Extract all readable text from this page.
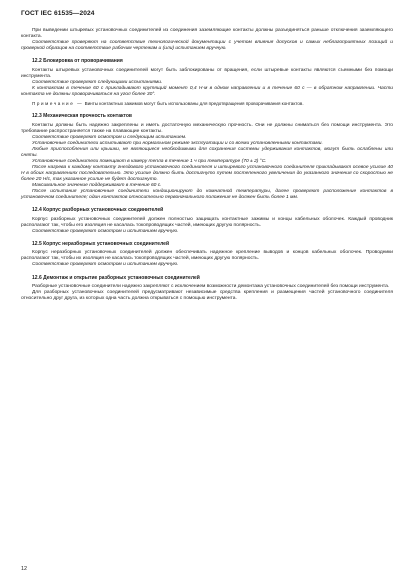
ГОСТ IEC 61535—2024

При выведении штыревых установочных соединителей из соединения заземляющие контакты должны разъединяться раньше отключения заземляющего контакта.

Соответствие проверяют на соответствие технологической документации с учетом влияния допусков и самых неблагоприятных позиций и проверкой образцов на соответствие рабочим чертежам и (или) испытанием вручную.

12.2 Блокировка от проворачивания

Контакты штыревых установочных соединителей могут быть заблокированы от вращения, если штыревые контакты являются съемными без помощи инструмента.

Соответствие проверяют следующими испытаниями.

К контактам в течение 60 с прикладывают крутящий момент 0,4 Н·м в одном направлении и в течение 60 с — в обратном направлении. Части контакта не должны проворачиваться на угол более 30°.

Примечание — Винты контактных зажимов могут быть использованы для предотвращения проворачивания контактов.

12.3 Механическая прочность контактов

Контакты должны быть надежно закреплены и иметь достаточную механическую прочность. Они не должны сниматься без помощи инструмента. Это требование распространяется также на плавающие контакты.

Соответствие проверяют осмотром и следующим испытанием.

Установочные соединители испытывают при нормальном режиме эксплуатации и со всеми установленными контактами.

Любые приспособления или крышки, не являющиеся необходимыми для сохранения системы удерживания контактов, могут быть ослаблены или сняты.

Установочные соединители помещают в камеру тепла в течение 1 ч при температуре (70 ± 2) °С.

После нагрева к каждому контакту гнездового установочного соединителя и штыревого установочного соединителя прикладывают осевое усилие 40 Н в обоих направлениях последовательно. Это усилие должно быть достигнуто путем постепенного увеличения до указанного значения со скоростью не более 20 Н/с, так указанное усилие не будет достигнуто.

Максимальное значение поддерживают в течение 60 с.

После испытания установочные соединители кондиционируют до комнатной температуры, далее проверяют расположение контактов в установочном соединителе; один контактов относительно первоначального положения не должен быть более 1 мм.

12.4 Корпус разборных установочных соединителей

Корпус разборных установочных соединителей должен полностью защищать контактные зажимы и концы кабельных оболочек. Каждый проводник располагают так, чтобы его изоляция не касалась токопроводящих частей, имеющих другую полярность.

Соответствие проверяют осмотром и испытанием вручную.

12.5 Корпус неразборных установочных соединителей

Корпус неразборных установочных соединителей должен обеспечивать надежное крепление выводов и концов кабельных оболочек. Проводники располагают так, чтобы их изоляция не касалась токопроводящих частей, имеющих другую полярность.

Соответствие проверяют осмотром и испытанием вручную.

12.6 Демонтаж и открытие разборных установочных соединителей

Разборные установочные соединители надежно закрепляют с исключением возможности демонтажа установочных соединителей без помощи инструмента.

Для разборных установочных соединителей предусматривают независимые средства крепления и размещения частей установочного соединителя относительно друг друга, из которых одна часть должна открываться с помощью инструмента.

12
